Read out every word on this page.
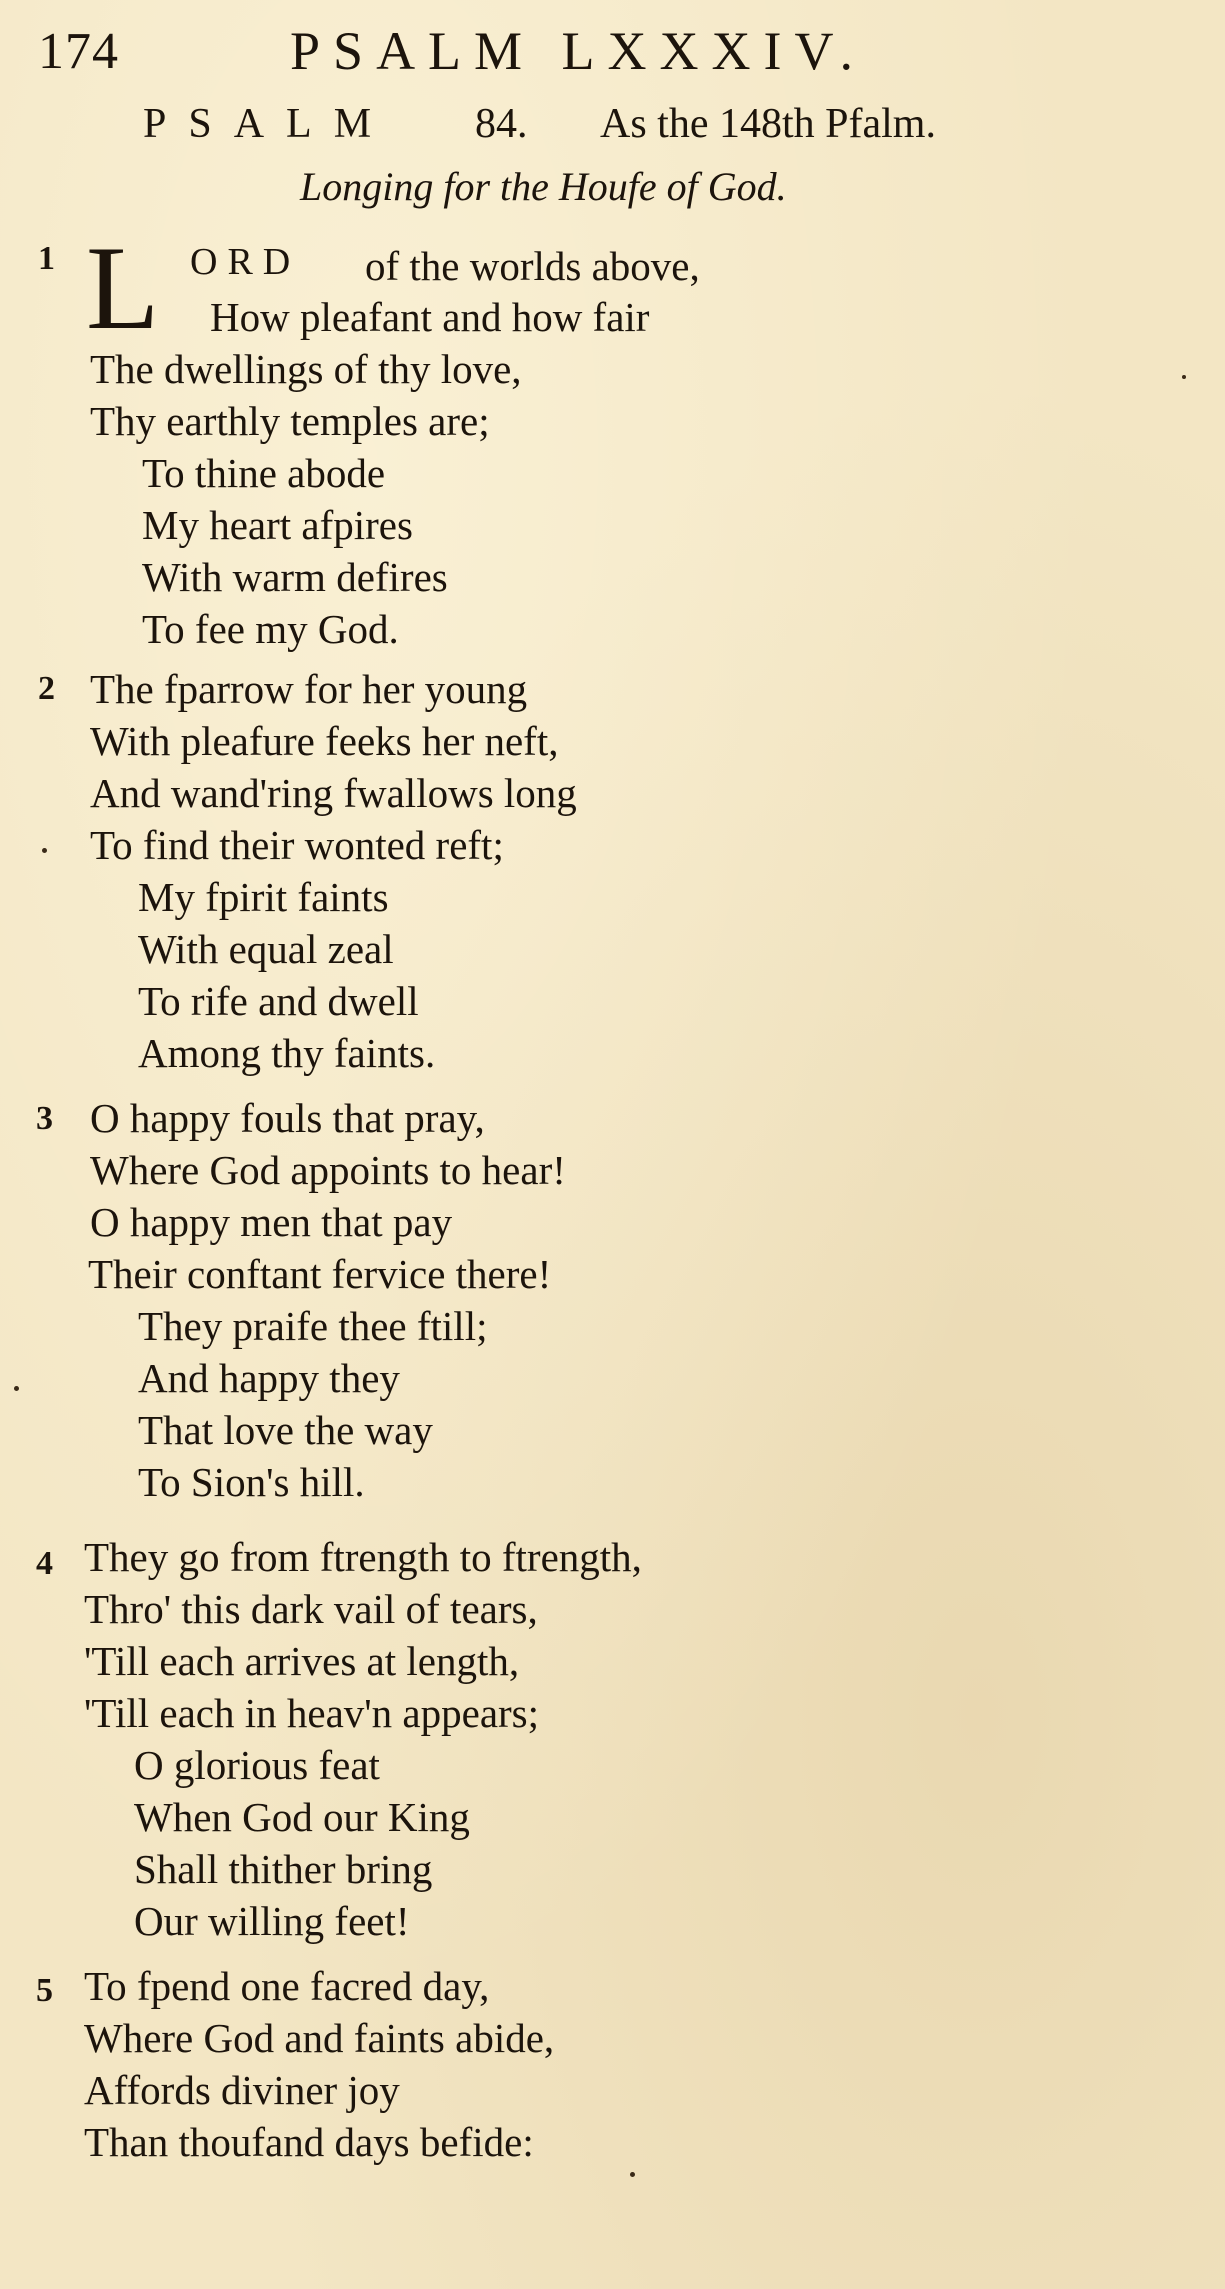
174	PSALM LXXXIV.
PSALM 84. As the 148th Pfalm.
Longing for the Houfe of God.
1 L ORD of the worlds above,
How pleafant and how fair
The dwellings of thy love,
Thy earthly temples are;
To thine abode
My heart afpires
With warm defires
To fee my God.
2 The fparrow for her young
With pleafure feeks her neft,
And wand'ring fwallows long
To find their wonted reft;
My fpirit faints
With equal zeal
To rife and dwell
Among thy faints.
3 O happy fouls that pray,
Where God appoints to hear!
O happy men that pay
Their conftant fervice there!
They praife thee ftill;
And happy they
That love the way
To Sion's hill.
4 They go from ftrength to ftrength,
Thro' this dark vail of tears,
'Till each arrives at length,
'Till each in heav'n appears;
O glorious feat
When God our King
Shall thither bring
Our willing feet!
5 To fpend one facred day,
Where God and faints abide,
Affords diviner joy
Than thoufand days befide:
